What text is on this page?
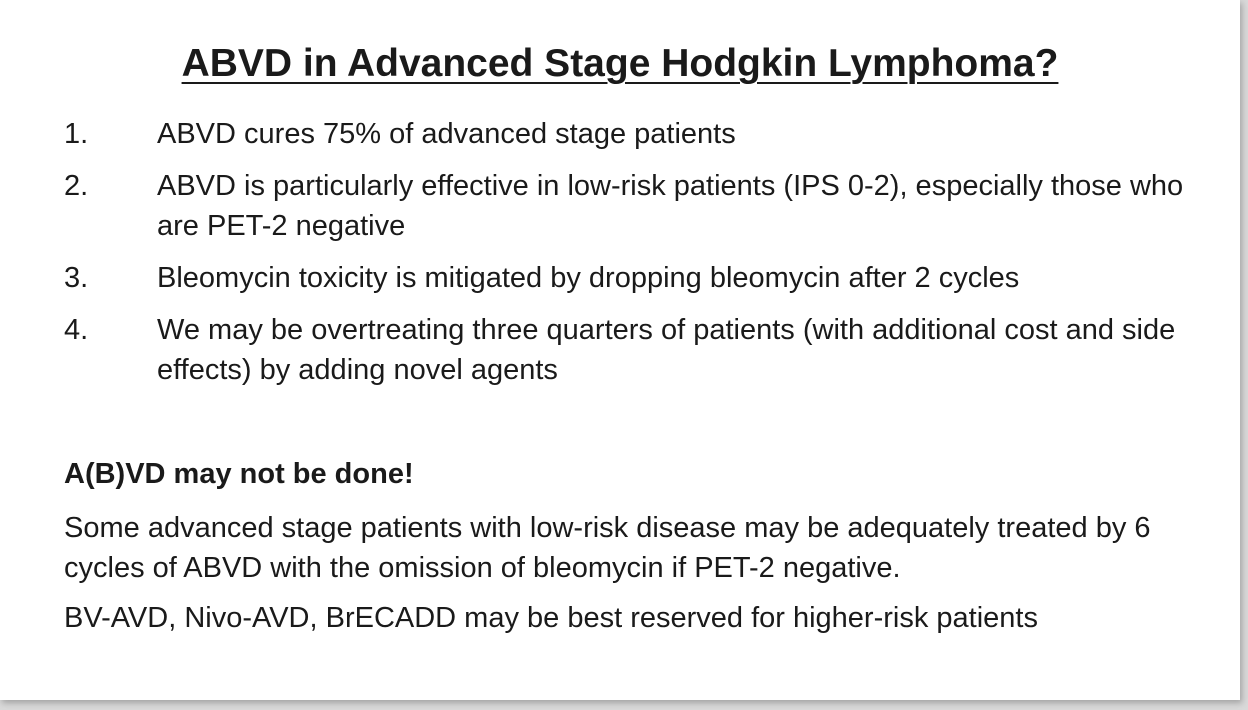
ABVD in Advanced Stage Hodgkin Lymphoma?
1.	ABVD cures 75% of advanced stage patients
2.	ABVD is particularly effective in low-risk patients (IPS 0-2), especially those who are PET-2 negative
3.	Bleomycin toxicity is mitigated by dropping bleomycin after 2 cycles
4.	We may be overtreating three quarters of patients (with additional cost and side effects) by adding novel agents

A(B)VD may not be done!

Some advanced stage patients with low-risk disease may be adequately treated by 6 cycles of ABVD with the omission of bleomycin if PET-2 negative.

BV-AVD, Nivo-AVD, BrECADD may be best reserved for higher-risk patients
